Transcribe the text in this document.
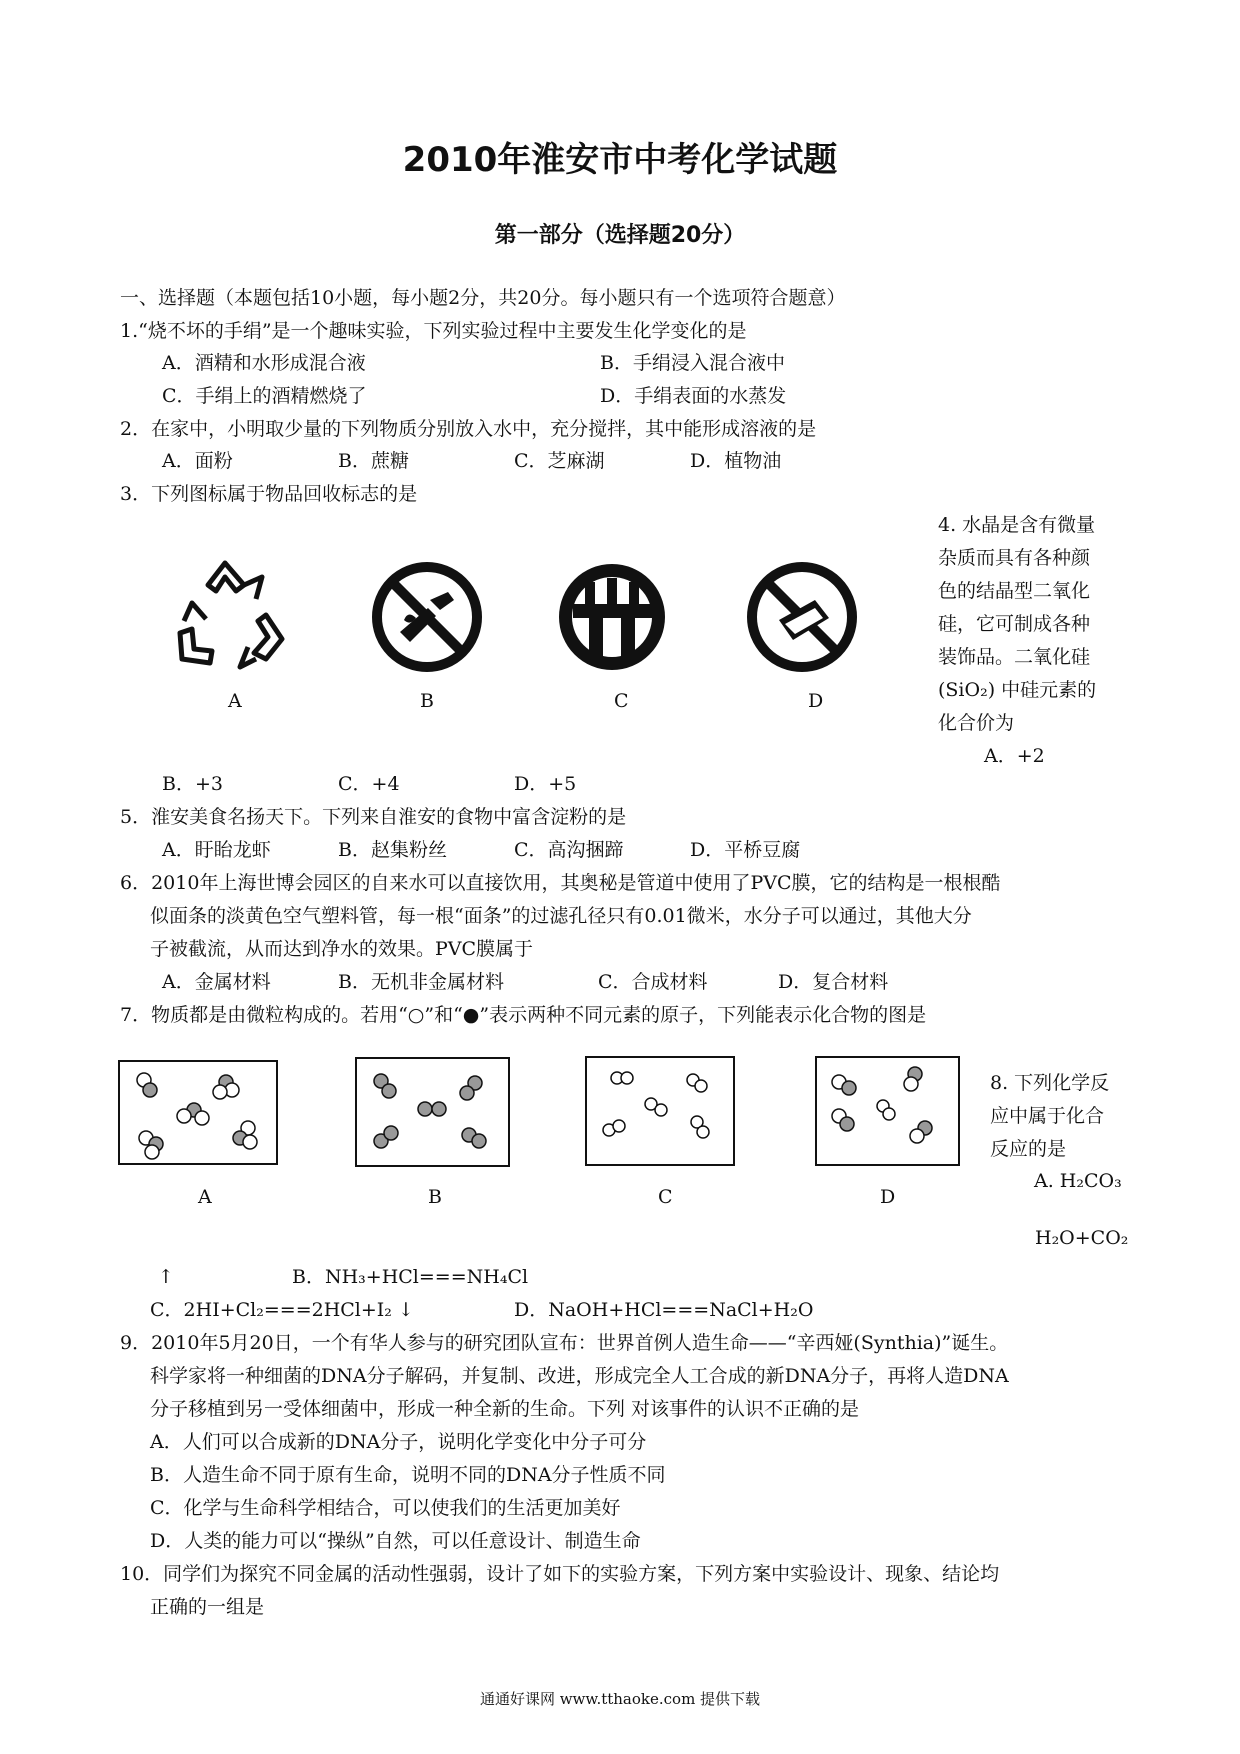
2010年淮安市中考化学试题
第一部分（选择题20分）
一、选择题（本题包括10小题，每小题2分，共20分。每小题只有一个选项符合题意）
1.“烧不坏的手绢”是一个趣味实验，下列实验过程中主要发生化学变化的是
A．酒精和水形成混合液	B．手绢浸入混合液中
C．手绢上的酒精燃烧了	D．手绢表面的水蒸发
2．在家中，小明取少量的下列物质分别放入水中，充分搅拌，其中能形成溶液的是
A．面粉	B．蔗糖	C．芝麻湖	D．植物油
3．下列图标属于物品回收标志的是
A	B	C	D
4. 水晶是含有微量
杂质而具有各种颜
色的结晶型二氧化
硅，它可制成各种
装饰品。二氧化硅
(SiO₂) 中硅元素的
化合价为
A．+2
B．+3	C．+4	D．+5
5．淮安美食名扬天下。下列来自淮安的食物中富含淀粉的是
A．盱眙龙虾	B．赵集粉丝	C．高沟捆蹄	D．平桥豆腐
6．2010年上海世博会园区的自来水可以直接饮用，其奥秘是管道中使用了PVC膜，它的结构是一根根酷
似面条的淡黄色空气塑料管，每一根“面条”的过滤孔径只有0.01微米，水分子可以通过，其他大分
子被截流，从而达到净水的效果。PVC膜属于
A．金属材料	B．无机非金属材料	C．合成材料	D．复合材料
7．物质都是由微粒构成的。若用“○”和“●”表示两种不同元素的原子，下列能表示化合物的图是
A	B	C	D
8. 下列化学反
应中属于化合
反应的是
A. H₂CO₃
H₂O+CO₂
↑	B．NH₃+HCl===NH₄Cl
C．2HI+Cl₂===2HCl+I₂ ↓	D．NaOH+HCl===NaCl+H₂O
9．2010年5月20日，一个有华人参与的研究团队宣布：世界首例人造生命——“辛西娅(Synthia)”诞生。
科学家将一种细菌的DNA分子解码，并复制、改进，形成完全人工合成的新DNA分子，再将人造DNA
分子移植到另一受体细菌中，形成一种全新的生命。下列 对该事件的认识不正确的是
A．人们可以合成新的DNA分子，说明化学变化中分子可分
B．人造生命不同于原有生命，说明不同的DNA分子性质不同
C．化学与生命科学相结合，可以使我们的生活更加美好
D．人类的能力可以“操纵”自然，可以任意设计、制造生命
10．同学们为探究不同金属的活动性强弱，设计了如下的实验方案，下列方案中实验设计、现象、结论均
正确的一组是
通通好课网 www.tthaoke.com 提供下载
